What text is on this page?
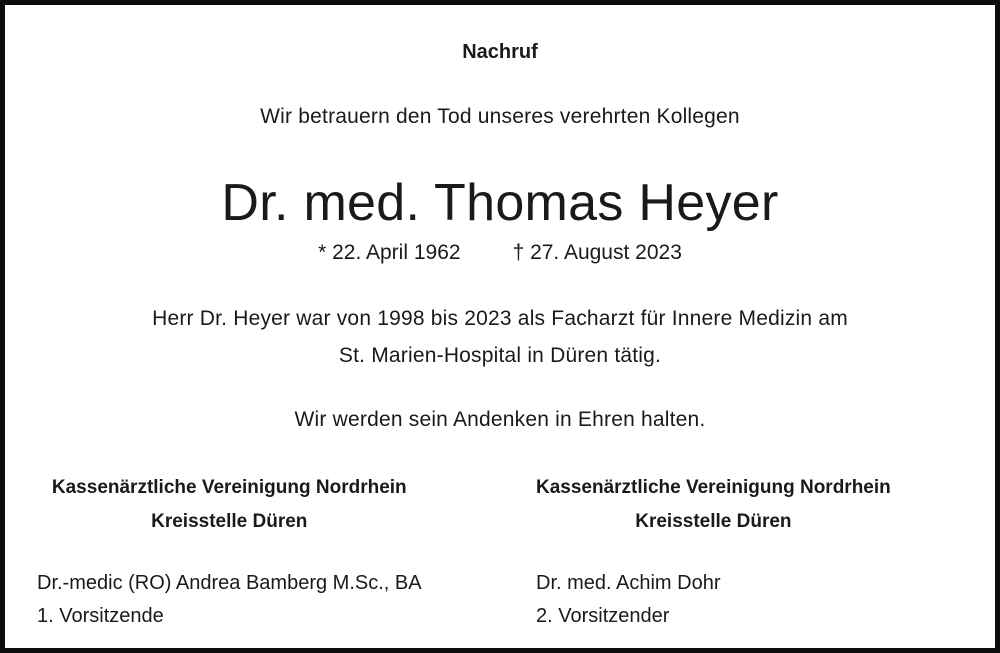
Nachruf
Wir betrauern den Tod unseres verehrten Kollegen
Dr. med. Thomas Heyer
* 22. April 1962 † 27. August 2023
Herr Dr. Heyer war von 1998 bis 2023 als Facharzt für Innere Medizin am
St. Marien-Hospital in Düren tätig.
Wir werden sein Andenken in Ehren halten.
Kassenärztliche Vereinigung Nordrhein
Kreisstelle Düren
Dr.-medic (RO) Andrea Bamberg M.Sc., BA
1. Vorsitzende
Kassenärztliche Vereinigung Nordrhein
Kreisstelle Düren
Dr. med. Achim Dohr
2. Vorsitzender
